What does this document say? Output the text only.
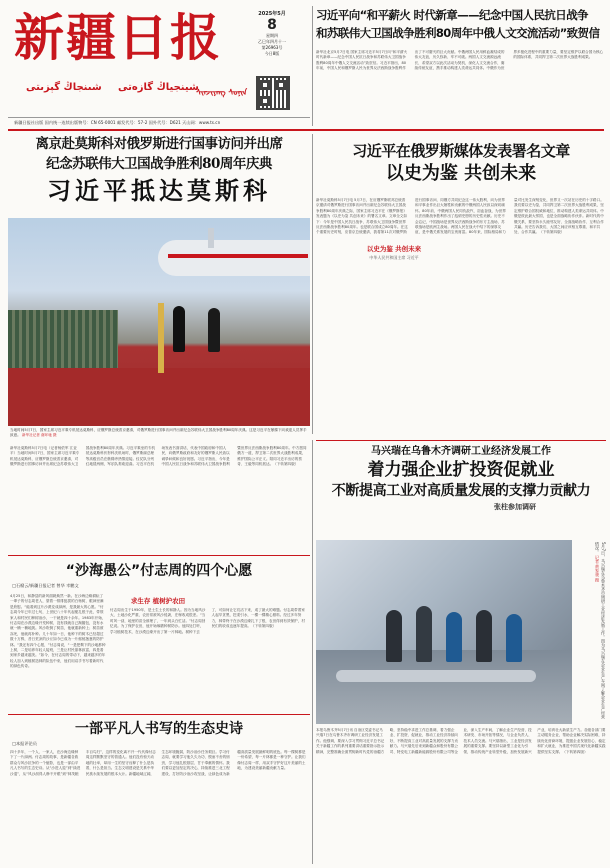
新疆日报	2025年5月
8
星期四
乙巳年四月十一
第26963号
今日8版
شىنجاڭ گېزىتى شينجياڭ گازەتى
ᠰᠢᠨᠵᠢᠶᠠᠩ ᠰᠣᠨᠢᠨ
新疆日报社出版 国内统一连续出版物号：CN 65-0001 邮发代号：57-2 国外代号：D621 天山网：www.ts.cn
习近平向“和平薪火 时代新章——纪念中国人民抗日战争
和苏联伟大卫国战争胜利80周年中俄人文交流活动”致贺信
新华社北京5月7日电 国家主席习近平5月7日向“和平薪火 时代新章——纪念中国人民抗日战争和苏联伟大卫国战争胜利80周年中俄人文交流活动”致贺信。习近平指出，80年前，中国人民和俄罗斯人民为世界反法西斯战争胜利作出了不可磨灭的巨大贡献。中俄两国人民用鲜血凝结成的伟大友谊，历久弥新、牢不可破。两国人文交流源远流长，希望双方以此次活动为契机，深化人文交流合作，赓续传统友谊，携手推动构建人类命运共同体。中俄作为世界多极化进程中的重要力量，要坚定维护以联合国为核心的国际体系，共同捍卫第二次世界大战胜利成果。
离京赴莫斯科对俄罗斯进行国事访问并出席
纪念苏联伟大卫国战争胜利80周年庆典
习近平抵达莫斯科
当地时间5月7日，国家主席习近平乘专机抵达莫斯科，应俄罗斯总统普京邀请，对俄罗斯进行国事访问并出席纪念苏联伟大卫国战争胜利80周年庆典。这是习近平在舷梯下向欢迎人员挥手致意。 新华社记者 谢环驰 摄
新华社莫斯科5月7日电（记者杨依军 江亚平）当地时间5月7日，国家主席习近平乘专机抵达莫斯科，应俄罗斯总统普京邀请，对俄罗斯进行国事访问并出席纪念苏联伟大卫国战争胜利80周年庆典。习近平乘坐的专机抵达莫斯科伏努科沃机场时，俄罗斯副总理等高级官员在舷梯旁热情迎接。仪仗队分列红地毯两侧，军乐队奏欢迎曲。习近平在机场发表书面讲话，代表中国政府和中国人民，向俄罗斯政府和友好的俄罗斯人民致以诚挚问候和良好祝愿。习近平指出，今年是中国人民抗日战争和苏联伟大卫国战争胜利暨世界反法西斯战争胜利80周年。中方愿同俄方一道，捍卫第二次世界大战胜利成果，维护国际公平正义。陪同习近平出访的蔡奇、王毅等同机抵达。（下转第四版）
习近平在俄罗斯媒体发表署名文章
以史为鉴 共创未来
新华社莫斯科5月7日电 5月7日，在应俄罗斯联邦总统普京邀请对俄罗斯进行国事访问并出席纪念苏联伟大卫国战争胜利80周年庆典之际，国家主席习近平在《俄罗斯报》发表题为《以史为鉴 共创未来》的署名文章。文章全文如下：今年是中国人民抗日战争、苏联伟大卫国战争暨世界反法西斯战争胜利80周年。也是联合国成立80周年。在这个重要历史时刻，应普京总统邀请，我将第11次对俄罗斯进行国事访问，同俄方共同纪念这一伟大胜利，向为世界和平事业作出巨大牺牲和贡献的中俄两国人民致以深切缅怀。80年前，中俄两国人民同仇敌忾、浴血奋战，为世界反法西斯战争胜利作出了彪炳史册的历史性贡献。历史不会忘记，中国战场是世界反法西斯战争的东方主战场，苏联战场是欧洲主战场。两国人民在战火中结下的深厚友谊，是中俄关系发展的宝贵财富。80年来，国际格局和力量对比发生深刻变化，世界又一次站在历史的十字路口。我们要以史为鉴，共同捍卫第二次世界大战胜利成果，坚定维护联合国权威和地位，推动构建人类命运共同体。中俄是彼此最大邻国，也是全面战略协作伙伴。新时代的中俄关系，要坚持永久睦邻友好、全面战略协作、互利合作共赢。历史告诉我们，大国之间应该相互尊重、和平共处、合作共赢。（下转第四版）
以史为鉴 共创未来
中华人民共和国主席 习近平
马兴瑞在乌鲁木齐调研工业经济发展工作
着力强企业扩投资促就业
不断提高工业对高质量发展的支撑力贡献力
张柱参加调研
5月7日，马兴瑞在乌鲁木齐市调研工业经济发展工作。图为马兴瑞在企业生产车间了解企业生产经营情况。 记者 黄家骏 摄
本报乌鲁木齐5月7日讯 自治区党委书记马兴瑞7日在乌鲁木齐市调研工业经济发展工作。他强调，要深入学习贯彻习近平总书记关于新疆工作的系列重要讲话重要指示批示精神，完整准确全面贯彻新时代党的治疆方略，坚持稳中求进工作总基调，着力强企业、扩投资、促就业，推动工业经济持续向好，不断提高工业对高质量发展的支撑力贡献力。马兴瑞先后来到新疆众和股份有限公司、特变电工新疆新能源股份有限公司等企业，深入生产车间，了解企业生产经营、技术研发、市场开拓等情况，与企业负责人、技术人员交流。马兴瑞指出，工业是经济发展的重要支撑。要坚持以新型工业化为引领，推动传统产业转型升级，加快发展新兴产业，培育壮大新质生产力。各级各部门要主动服务企业，帮助企业解决实际困难，持续优化营商环境，提振企业发展信心，稳定和扩大就业，为推进中国式现代化新疆实践提供坚实支撑。（下转第四版）
“沙海愚公”付志周的四个心愿
□石榴云/新疆日报记者 曾华 幸鹏文
4月25日，和静县的新风面貌焕然一新。在沙海边缘耕耘了一辈子的付志周老人，望着一排排挺拔的白杨树，眼神里满是欣慰。“能看到这片沙漠变成绿洲，是我最大的心愿。”付志周今年已年过七旬，上世纪八十年代起便扎根于此，带领家人和村民们种树治沙，一干就是四十余年。1983年开始，付志周在沙漠边缘开荒种树，没有钱就自己掏腰包，没有水就一桶一桶地挑。风沙吹倒了树苗，他就重新种上；树苗被冻死，他就再补种。几十年如一日，他种下的树木已经超过数十万株，昔日荒凉的沙丘如今已成为一片郁郁葱葱的防护林。“我还有四个心愿，”付志周说，“一是把剩下的沙地都种上树，二是培养年轻人接班，三是让村民靠林致富，四是看到家乡越来越美。”如今，在付志周的带动下，越来越多的年轻人加入到植树造林的队伍中来，他们用双手书写着新时代的绿色传奇。
求生存 植树护农田
付志周出生于1950年，是土生土长的和静人。因为当地风沙大、土地沙化严重，农田常被风沙侵袭，庄稼收成很差。“当时风一刮，地里的苗全被埋了，一年到头白忙活。”付志周回忆说。为了保护农田，他开始琢磨种树防沙。他四处打听，学习植树技术，在沙漠边缘开出了第一片林地。树种下去了，可如何让它们活下来，成了最大的难题。付志周带着家人起早贪黑，挖渠引水，一棵一棵精心照料。经过多年努力，林带终于在沙漠边缘扎下了根，农田得到有效保护，村民们的收成也逐年提高。（下转第四版）
一部平凡人书写的生态史诗
□本报评论员
四十多年，一个人、一家人，在沙海边缘种下了一片绿洲。付志周的故事，是新疆各族群众与风沙抗争的一个缩影，也是一部由平凡人书写的生态史诗。从“沙进人退”到“绿进沙退”，从“风沙刮得人睁不开眼”到“林茂粮丰百鸟归”，这样的变化离不开一代代像付志周这样默默坚守的普通人。他们没有惊天动地的壮举，却用一生的坚守诠释了什么是执着，什么是担当。生态文明建设是关系中华民族永续发展的根本大计。新疆地域辽阔，生态环境脆弱，防沙治沙任务艰巨。学习付志周，就要学习他久久为功、锲而不舍的韧劲，学习他扎根基层、甘于奉献的情怀。我们要以更加坚定的决心，持续推进三北工程建设，打好防沙治沙攻坚战，让绿色成为新疆高质量发展最鲜明的底色。每一棵树都是一份希望，每一片林都是一种守护。让我们像付志周一样，用双手守护好这片美丽的土地，为建设美丽新疆贡献力量。
